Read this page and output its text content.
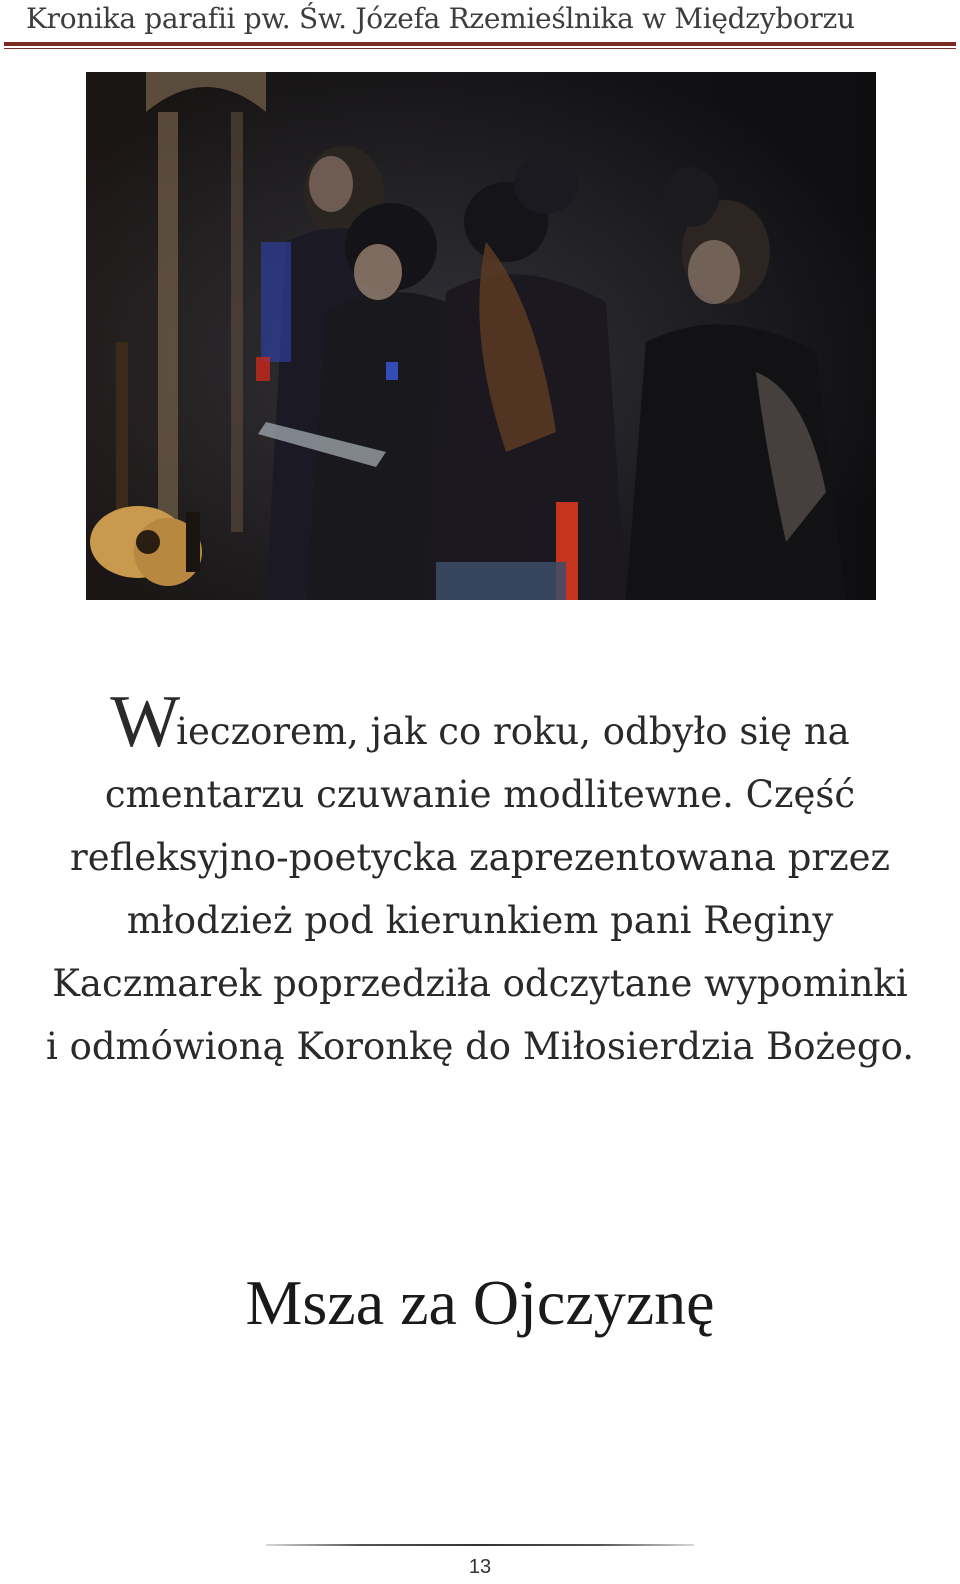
Kronika parafii pw. Św. Józefa Rzemieślnika w Międzyborzu
Wieczorem, jak co roku, odbyło się na
cmentarzu czuwanie modlitewne. Część
refleksyjno-poetycka zaprezentowana przez
młodzież pod kierunkiem pani Reginy
Kaczmarek poprzedziła odczytane wypominki
i odmówioną Koronkę do Miłosierdzia Bożego.
Msza za Ojczyznę
13
